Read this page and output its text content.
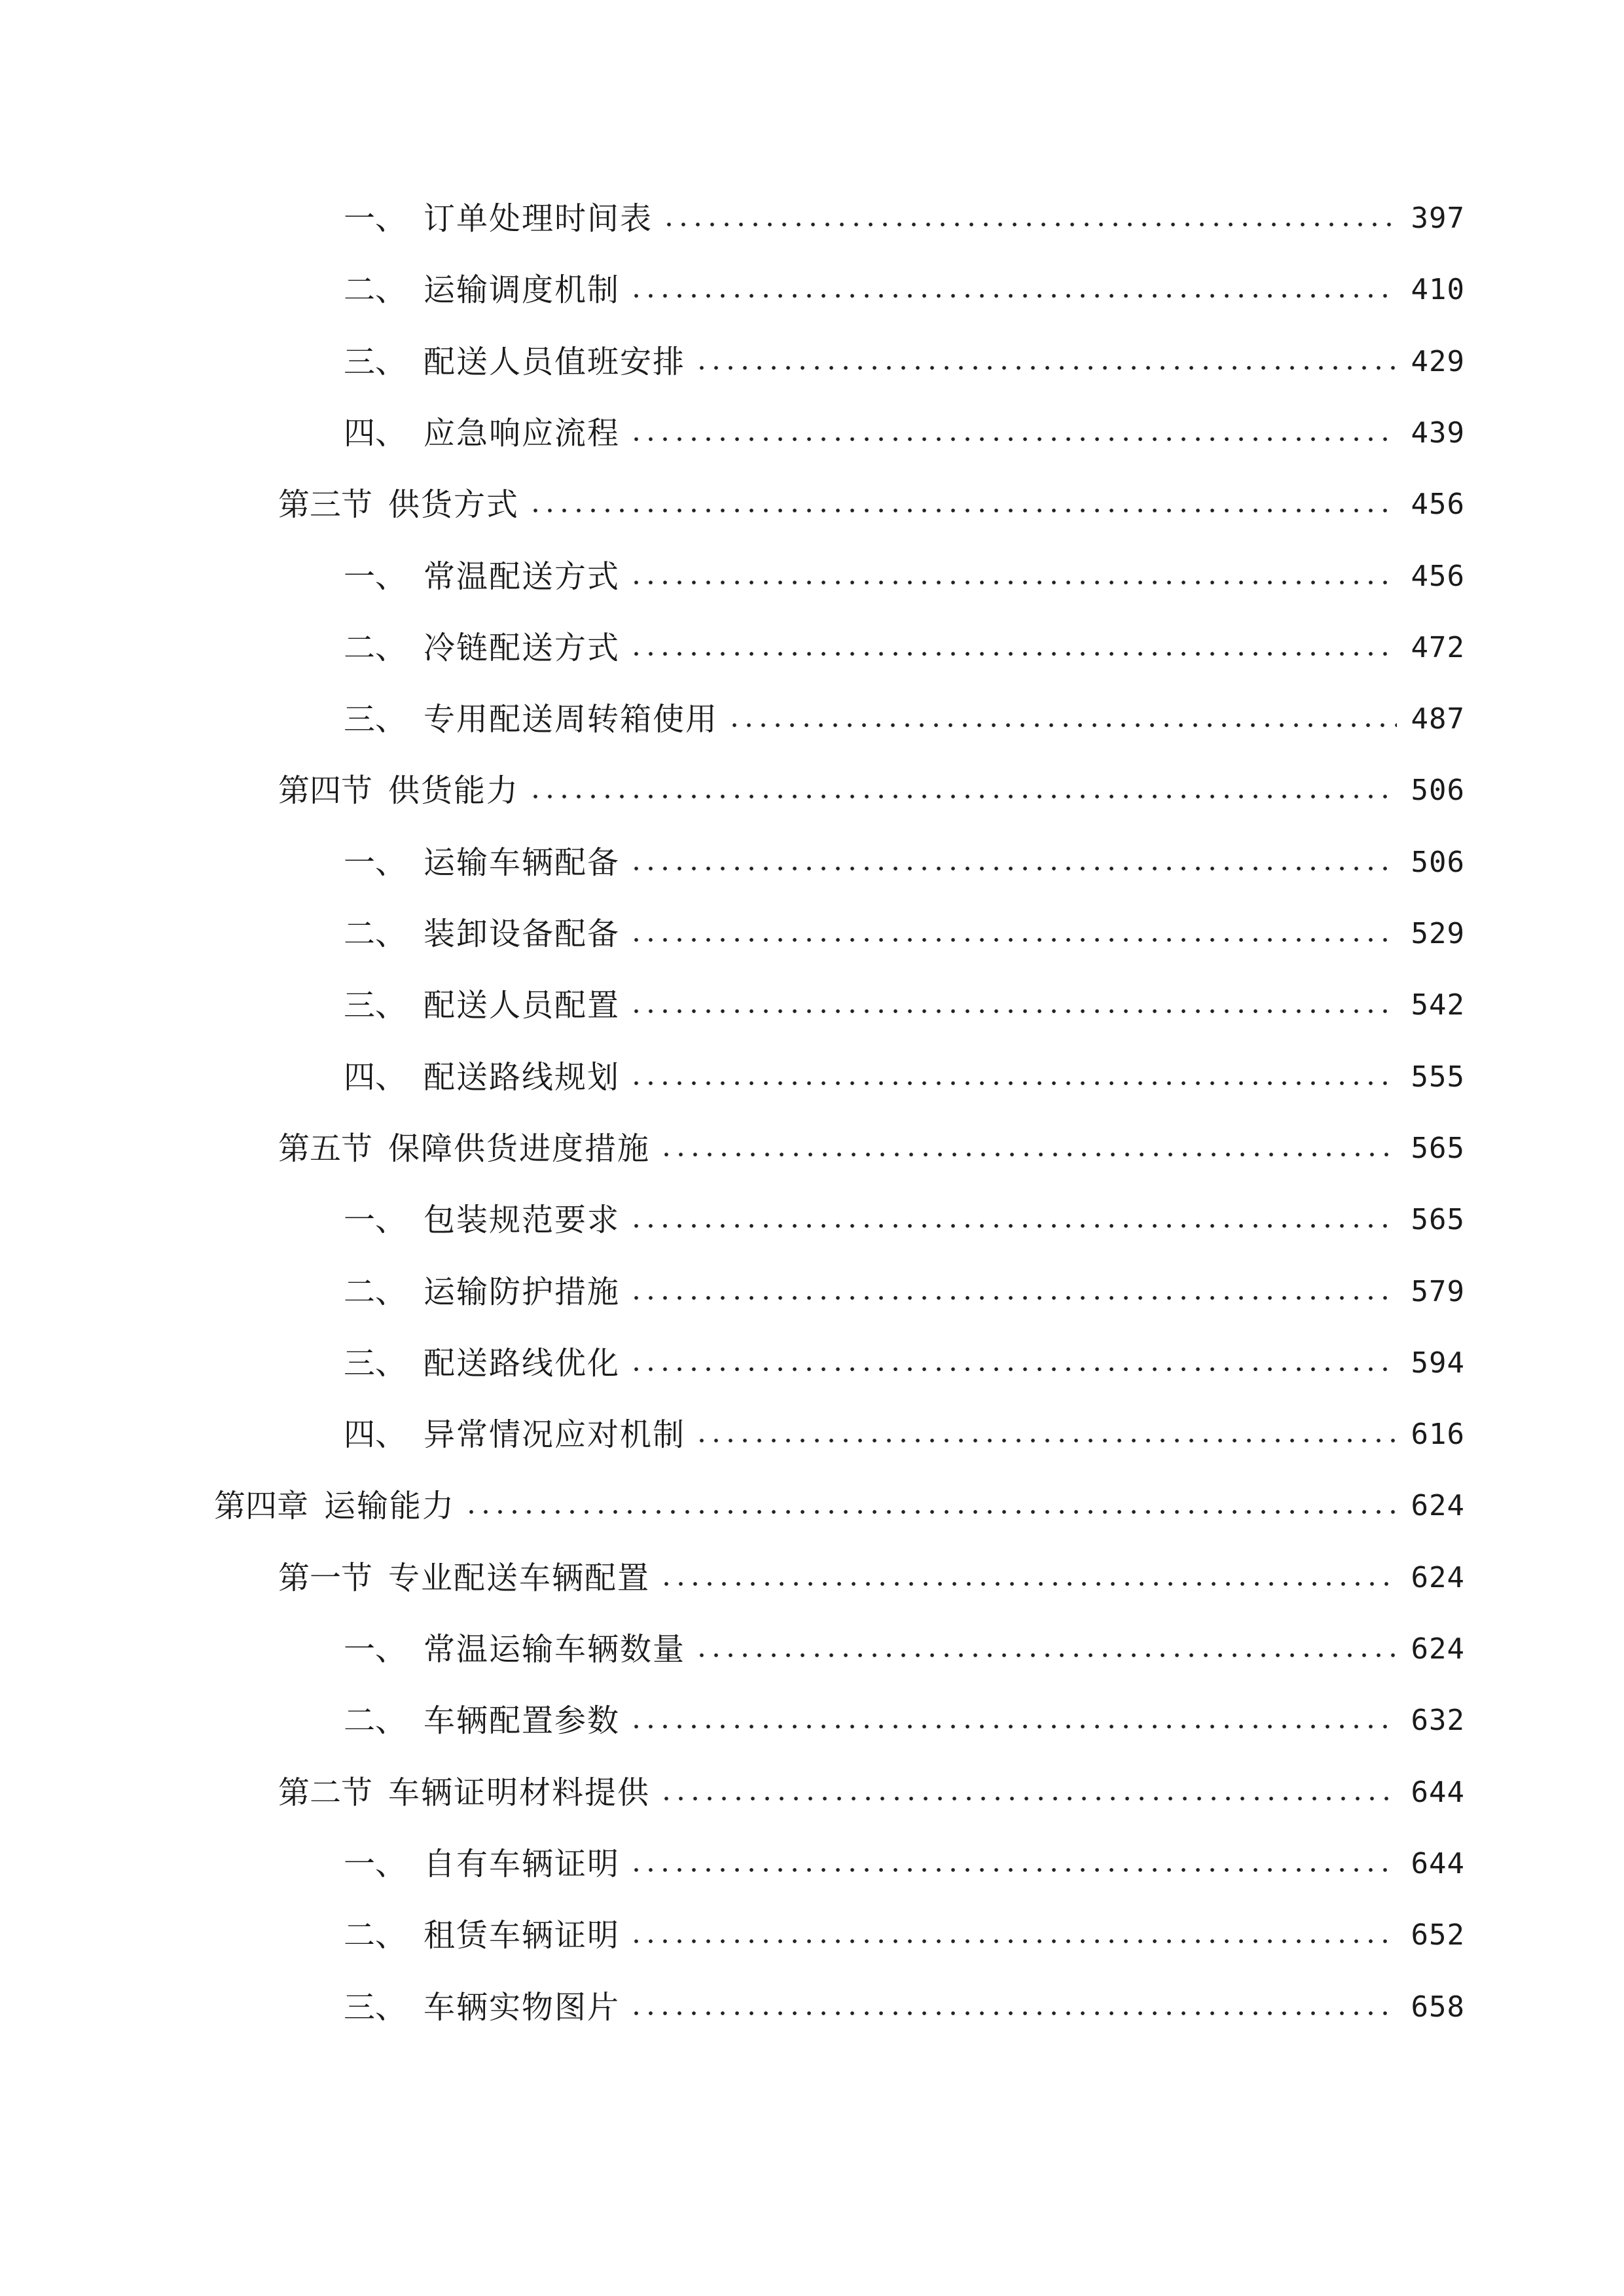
一、 订单处理时间表	397
二、 运输调度机制	410
三、 配送人员值班安排	429
四、 应急响应流程	439
第三节 供货方式	456
一、 常温配送方式	456
二、 冷链配送方式	472
三、 专用配送周转箱使用	487
第四节 供货能力	506
一、 运输车辆配备	506
二、 装卸设备配备	529
三、 配送人员配置	542
四、 配送路线规划	555
第五节 保障供货进度措施	565
一、 包装规范要求	565
二、 运输防护措施	579
三、 配送路线优化	594
四、 异常情况应对机制	616
第四章 运输能力	624
第一节 专业配送车辆配置	624
一、 常温运输车辆数量	624
二、 车辆配置参数	632
第二节 车辆证明材料提供	644
一、 自有车辆证明	644
二、 租赁车辆证明	652
三、 车辆实物图片	658
